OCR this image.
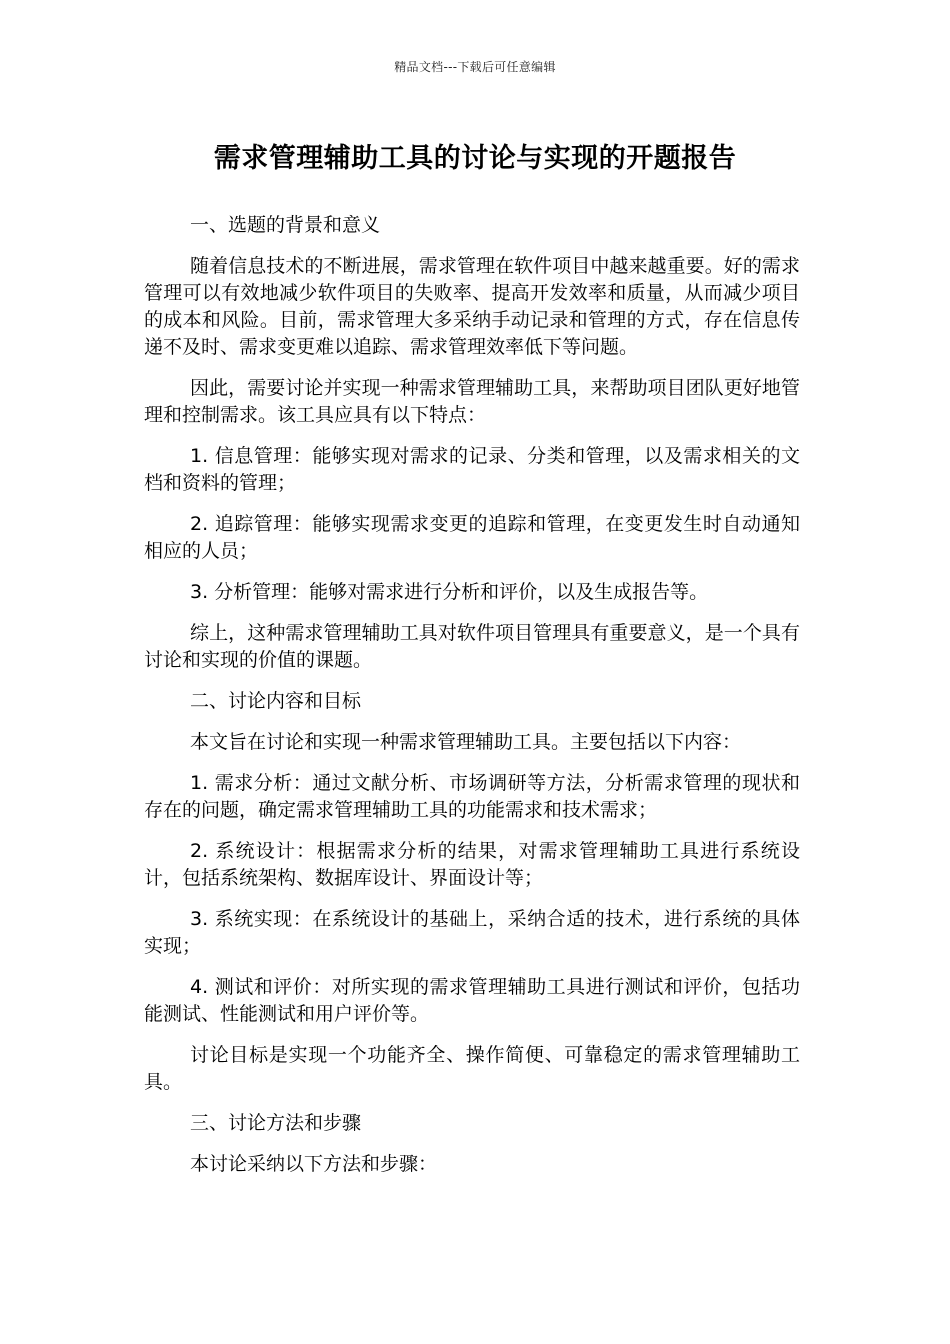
精品文档---下载后可任意编辑
需求管理辅助工具的讨论与实现的开题报告

一、选题的背景和意义

随着信息技术的不断进展，需求管理在软件项目中越来越重要。好的需求管理可以有效地减少软件项目的失败率、提高开发效率和质量，从而减少项目的成本和风险。目前，需求管理大多采纳手动记录和管理的方式，存在信息传递不及时、需求变更难以追踪、需求管理效率低下等问题。

因此，需要讨论并实现一种需求管理辅助工具，来帮助项目团队更好地管理和控制需求。该工具应具有以下特点：

1. 信息管理：能够实现对需求的记录、分类和管理，以及需求相关的文档和资料的管理；

2. 追踪管理：能够实现需求变更的追踪和管理，在变更发生时自动通知相应的人员；

3. 分析管理：能够对需求进行分析和评价，以及生成报告等。

综上，这种需求管理辅助工具对软件项目管理具有重要意义，是一个具有讨论和实现的价值的课题。

二、讨论内容和目标

本文旨在讨论和实现一种需求管理辅助工具。主要包括以下内容：

1. 需求分析：通过文献分析、市场调研等方法，分析需求管理的现状和存在的问题，确定需求管理辅助工具的功能需求和技术需求；

2. 系统设计：根据需求分析的结果，对需求管理辅助工具进行系统设计，包括系统架构、数据库设计、界面设计等；

3. 系统实现：在系统设计的基础上，采纳合适的技术，进行系统的具体实现；

4. 测试和评价：对所实现的需求管理辅助工具进行测试和评价，包括功能测试、性能测试和用户评价等。

讨论目标是实现一个功能齐全、操作简便、可靠稳定的需求管理辅助工具。

三、讨论方法和步骤

本讨论采纳以下方法和步骤：
